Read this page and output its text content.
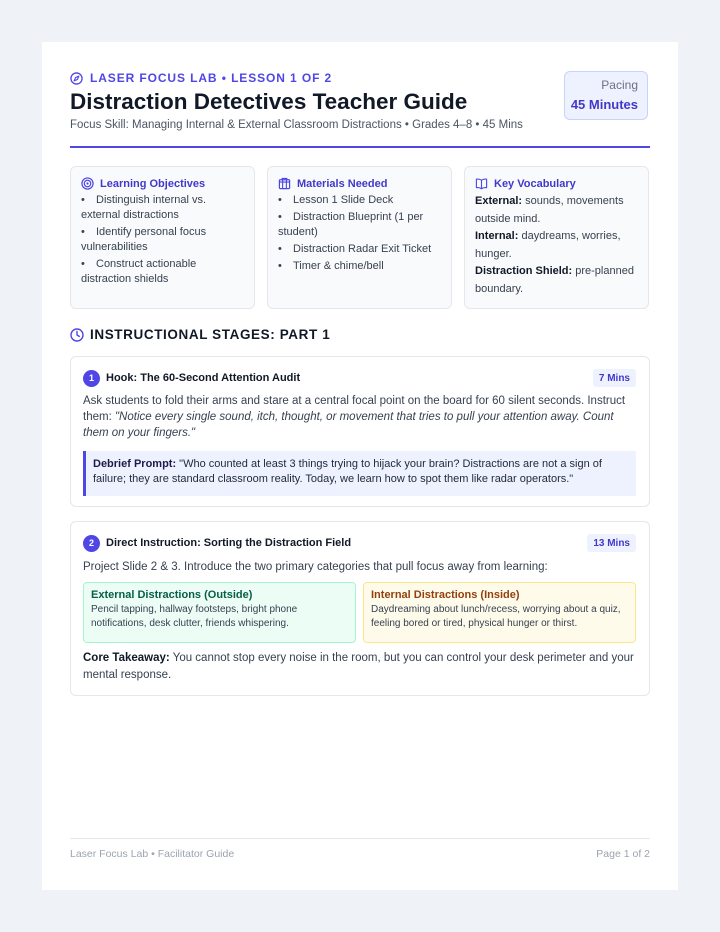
LASER FOCUS LAB • LESSON 1 OF 2
Distraction Detectives Teacher Guide
Focus Skill: Managing Internal & External Classroom Distractions • Grades 4–8 • 45 Mins
Pacing
45 Minutes
Learning Objectives
• Distinguish internal vs. external distractions
• Identify personal focus vulnerabilities
• Construct actionable distraction shields
Materials Needed
• Lesson 1 Slide Deck
• Distraction Blueprint (1 per student)
• Distraction Radar Exit Ticket
• Timer & chime/bell
Key Vocabulary

External: sounds, movements outside mind.

Internal: daydreams, worries, hunger.

Distraction Shield: pre-planned boundary.

INSTRUCTIONAL STAGES: PART 1
1	Hook: The 60-Second Attention Audit	7 Mins
Ask students to fold their arms and stare at a central focal point on the board for 60 silent seconds. Instruct them: "Notice every single sound, itch, thought, or movement that tries to pull your attention away. Count them on your fingers."
Debrief Prompt: "Who counted at least 3 things trying to hijack your brain? Distractions are not a sign of failure; they are standard classroom reality. Today, we learn how to spot them like radar operators."
2	Direct Instruction: Sorting the Distraction Field	13 Mins
Project Slide 2 & 3. Introduce the two primary categories that pull focus away from learning:
External Distractions (Outside)
Pencil tapping, hallway footsteps, bright phone notifications, desk clutter, friends whispering.
Internal Distractions (Inside)
Daydreaming about lunch/recess, worrying about a quiz, feeling bored or tired, physical hunger or thirst.
Core Takeaway: You cannot stop every noise in the room, but you can control your desk perimeter and your mental response.
Laser Focus Lab • Facilitator Guide	Page 1 of 2
